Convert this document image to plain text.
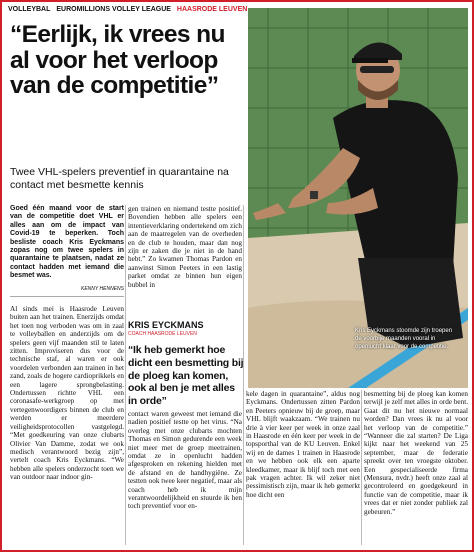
VOLLEYBAL EUROMILLIONS VOLLEY LEAGUE HAASRODE LEUVEN
“Eerlijk, ik vrees nu al voor het verloop van de competitie”
Twee VHL-spelers preventief in quarantaine na contact met besmette kennis
Kris Eyckmans stoomde zijn troepen de voorbije maanden vooral in openlucht klaar voor de competitie.

Goed één maand voor de start van de competitie doet VHL er alles aan om de impact van Covid-19 te beperken. Toch besliste coach Kris Eyckmans zopas nog om twee spelers in quarantaine te plaatsen, nadat ze contact hadden met iemand die besmet was.

KENNY HENNENS

Al sinds mei is Haasrode Leuven buiten aan het trainen. Enerzijds omdat het toen nog verboden was om in zaal te volleyballen en anderzijds om de spelers geen vijf maanden stil te laten zitten. Improviseren dus voor de technische staf, al waren er ook voordelen verbonden aan trainen in het zand, zoals de hogere cardioprikkels en een lagere sprongbelasting. Ondertussen richtte VHL een coronasafe-werkgroep op met vertegenwoordigers binnen de club en werden er meerdere veiligheidsprotocollen vastgelegd. “Met goedkeuring van onze clubarts Olivier Van Damme, zodat we ook medisch verantwoord bezig zijn”, vertelt coach Kris Eyckmans. “We hebben alle spelers onderzocht toen we van outdoor naar indoor gin-

gen trainen en niemand testte positief. Bovendien hebben alle spelers een intentieverklaring ondertekend om zich aan de maatregelen van de overheden en de club te houden, maar dan nog zijn er zaken die je niet in de hand hebt.” Zo kwamen Thomas Pardon en aanwinst Simon Peeters in een lastig parket omdat ze binnen hun eigen bubbel in

KRIS EYCKMANS
COACH HAASRODE LEUVEN
“Ik heb gemerkt hoe dicht een besmetting bij de ploeg kan komen, ook al ben je met alles in orde”

contact waren geweest met iemand die nadien positief testte op het virus. “Na overleg met onze clubarts mochten Thomas en Simon gedurende een week niet meer met de groep meetrainen, omdat ze in openlucht hadden afgesproken en rekening hielden met de afstand en de handhygiëne. Ze testten ook twee keer negatief, maar als coach heb ik mijn verantwoordelijkheid en stuurde ik hen toch preventief voor en-

kele dagen in quarantaine”, aldus nog Eyckmans. Ondertussen zitten Pardon en Peeters opnieuw bij de groep, maar VHL blijft waakzaam. “We trainen nu drie à vier keer per week in onze zaal in Haasrode en één keer per week in de topsporthal van de KU Leuven. Enkel wij en de dames 1 trainen in Haasrode en we hebben ook elk een aparte kleedkamer, maar ik blijf toch met een pak vragen achter. Ik wil zeker niet pessimistisch zijn, maar ik heb gemerkt hoe dicht een

besmetting bij de ploeg kan komen terwijl je zelf met alles in orde bent. Gaat dit nu het nieuwe normaal worden? Dan vrees ik nu al voor het verloop van de competitie.” “Wanneer die zal starten? De Liga kijkt naar het weekend van 25 september, maar de federatie spreekt over ten vroegste oktober. Een gespecialiseerde firma (Mensura, nvdr.) heeft onze zaal al gecontroleerd en goedgekeurd in functie van de competitie, maar ik vrees dat er niet zonder publiek zal gebeuren.”
